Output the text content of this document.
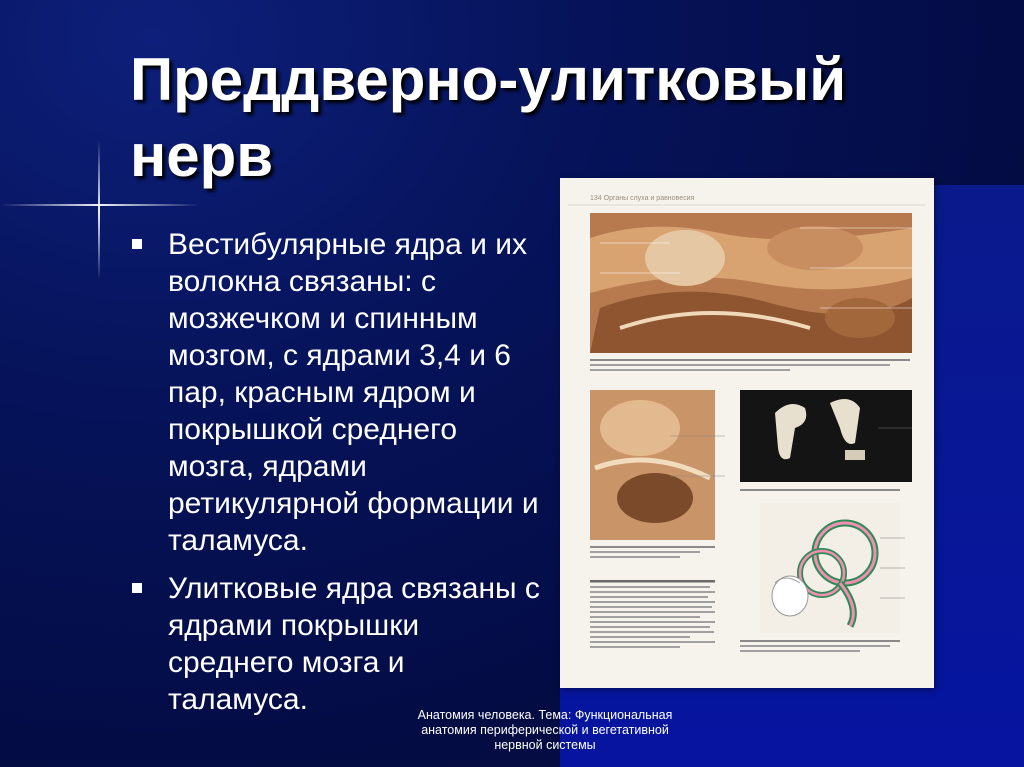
Преддверно-улитковый
нерв
Вестибулярные ядра и их волокна связаны: с мозжечком и спинным мозгом, с ядрами 3,4 и 6 пар, красным ядром и покрышкой среднего мозга, ядрами ретикулярной формации и таламуса.
Улитковые ядра связаны с ядрами покрышки среднего мозга и таламуса.
134 Органы слуха и равновесия
Анатомия человека. Тема: Функциональная
анатомия периферической и вегетативной
нервной системы
